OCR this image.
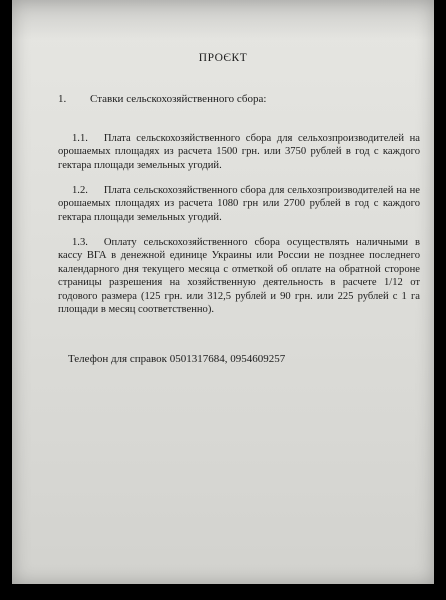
ПРОЄКТ
1. Ставки сельскохозяйственного сбора:
1.1. Плата сельскохозяйственного сбора для сельхозпроизводителей на орошаемых площадях из расчета 1500 грн. или 3750 рублей в год с каждого гектара площади земельных угодий.
1.2. Плата сельскохозяйственного сбора для сельхозпроизводителей на не орошаемых площадях из расчета 1080 грн или 2700 рублей в год с каждого гектара площади земельных угодий.
1.3. Оплату сельскохозяйственного сбора осуществлять наличными в кассу ВГА в денежной единице Украины или России не позднее последнего календарного дня текущего месяца с отметкой об оплате на обратной стороне страницы разрешения на хозяйственную деятельность в расчете 1/12 от годового размера (125 грн. или 312,5 рублей и 90 грн. или 225 рублей с 1 га площади в месяц соответственно).
Телефон для справок 0501317684, 0954609257
